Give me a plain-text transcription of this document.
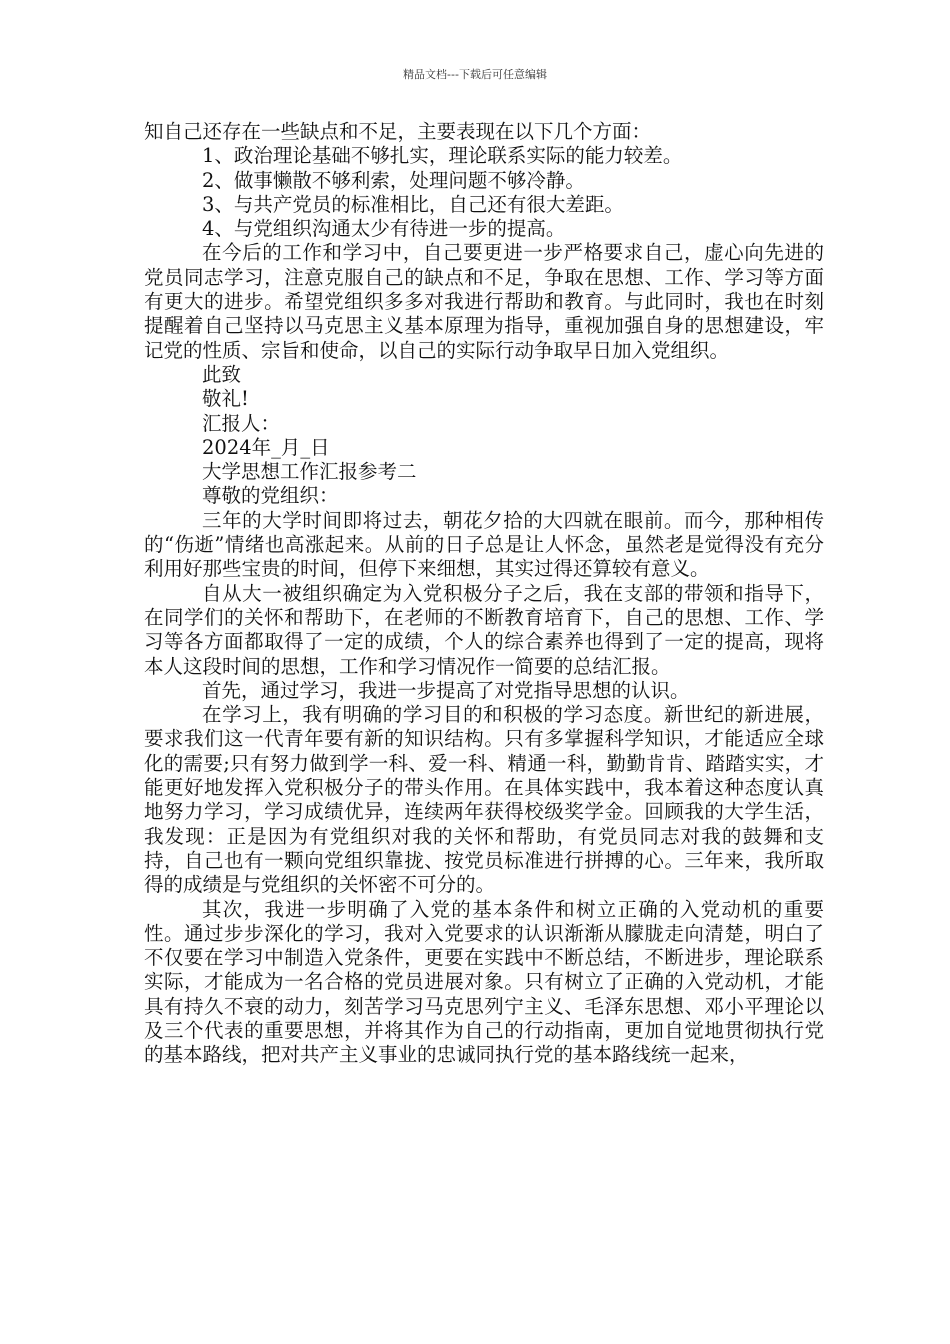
精品文档---下载后可任意编辑

知自己还存在一些缺点和不足，主要表现在以下几个方面：

1、政治理论基础不够扎实，理论联系实际的能力较差。

2、做事懒散不够利索，处理问题不够冷静。

3、与共产党员的标准相比，自己还有很大差距。

4、与党组织沟通太少有待进一步的提高。

在今后的工作和学习中，自己要更进一步严格要求自己，虚心向先进的党员同志学习，注意克服自己的缺点和不足，争取在思想、工作、学习等方面有更大的进步。希望党组织多多对我进行帮助和教育。与此同时，我也在时刻提醒着自己坚持以马克思主义基本原理为指导，重视加强自身的思想建设，牢记党的性质、宗旨和使命，以自己的实际行动争取早日加入党组织。

此致

敬礼!

汇报人：

2024年_月_日

大学思想工作汇报参考二

尊敬的党组织：

三年的大学时间即将过去，朝花夕拾的大四就在眼前。而今，那种相传的“伤逝”情绪也高涨起来。从前的日子总是让人怀念，虽然老是觉得没有充分利用好那些宝贵的时间，但停下来细想，其实过得还算较有意义。

自从大一被组织确定为入党积极分子之后，我在支部的带领和指导下，在同学们的关怀和帮助下，在老师的不断教育培育下，自己的思想、工作、学习等各方面都取得了一定的成绩，个人的综合素养也得到了一定的提高，现将本人这段时间的思想，工作和学习情况作一简要的总结汇报。

首先，通过学习，我进一步提高了对党指导思想的认识。

在学习上，我有明确的学习目的和积极的学习态度。新世纪的新进展，要求我们这一代青年要有新的知识结构。只有多掌握科学知识，才能适应全球化的需要;只有努力做到学一科、爱一科、精通一科，勤勤肯肯、踏踏实实，才能更好地发挥入党积极分子的带头作用。在具体实践中，我本着这种态度认真地努力学习，学习成绩优异，连续两年获得校级奖学金。回顾我的大学生活，我发现：正是因为有党组织对我的关怀和帮助，有党员同志对我的鼓舞和支持，自己也有一颗向党组织靠拢、按党员标准进行拼搏的心。三年来，我所取得的成绩是与党组织的关怀密不可分的。

其次，我进一步明确了入党的基本条件和树立正确的入党动机的重要性。通过步步深化的学习，我对入党要求的认识渐渐从朦胧走向清楚，明白了不仅要在学习中制造入党条件，更要在实践中不断总结，不断进步，理论联系实际，才能成为一名合格的党员进展对象。只有树立了正确的入党动机，才能具有持久不衰的动力，刻苦学习马克思列宁主义、毛泽东思想、邓小平理论以及三个代表的重要思想，并将其作为自己的行动指南，更加自觉地贯彻执行党的基本路线，把对共产主义事业的忠诚同执行党的基本路线统一起来，
